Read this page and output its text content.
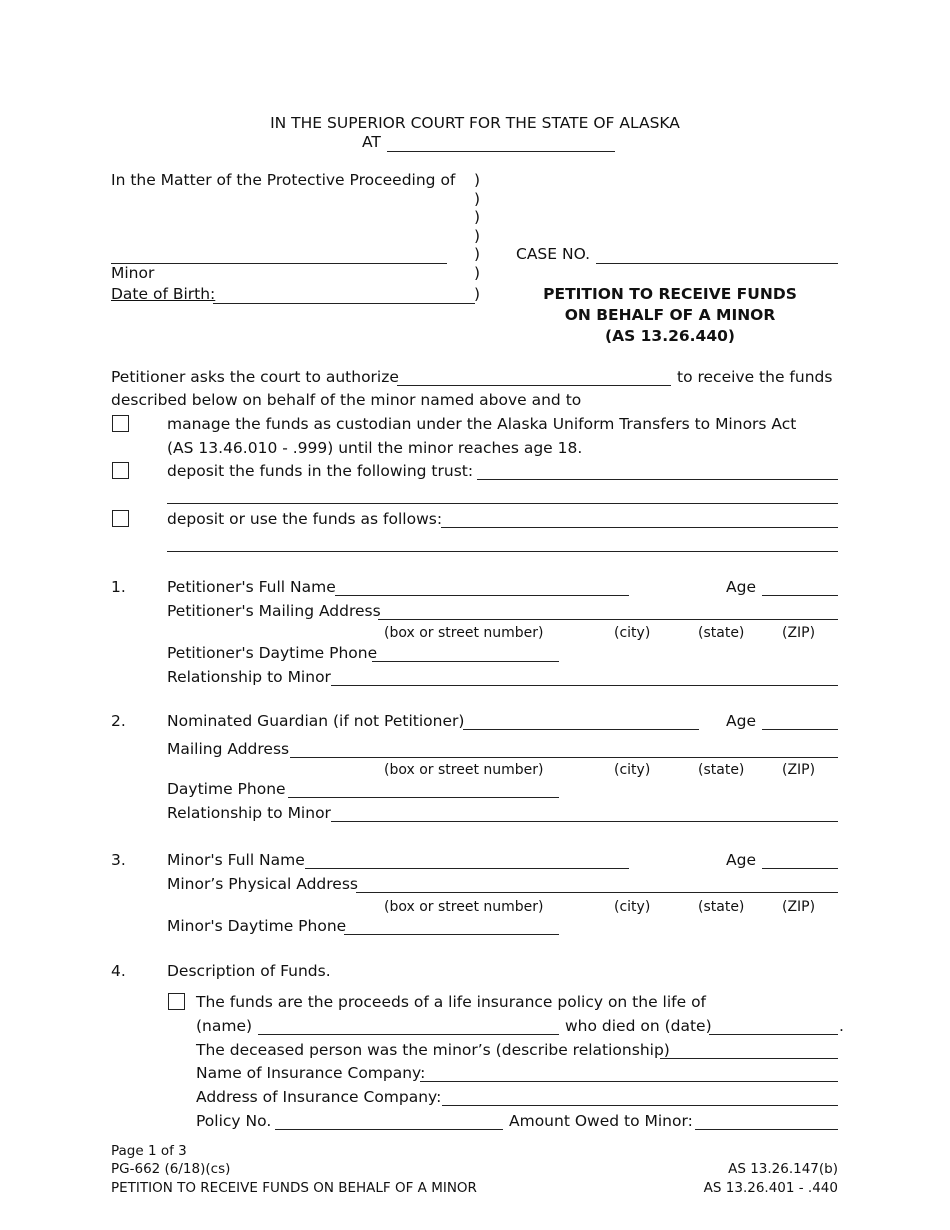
IN THE SUPERIOR COURT FOR THE STATE OF ALASKA
AT
In the Matter of the Protective Proceeding of )
)
)
)
)
)
)
Minor
Date of Birth:
CASE NO.
PETITION TO RECEIVE FUNDS
ON BEHALF OF A MINOR
(AS 13.26.440)
Petitioner asks the court to authorize	to receive the funds
described below on behalf of the minor named above and to
manage the funds as custodian under the Alaska Uniform Transfers to Minors Act
(AS 13.46.010 - .999) until the minor reaches age 18.
deposit the funds in the following trust:
deposit or use the funds as follows:
1.	Petitioner's Full Name	Age
Petitioner's Mailing Address
(box or street number)	(city)	(state)	(ZIP)
Petitioner's Daytime Phone
Relationship to Minor
2.	Nominated Guardian (if not Petitioner)	Age
Mailing Address
(box or street number)	(city)	(state)	(ZIP)
Daytime Phone
Relationship to Minor
3.	Minor's Full Name	Age
Minor’s Physical Address
(box or street number)	(city)	(state)	(ZIP)
Minor's Daytime Phone
4.	Description of Funds.
The funds are the proceeds of a life insurance policy on the life of
(name)	who died on (date)	.
The deceased person was the minor’s (describe relationship)
Name of Insurance Company:
Address of Insurance Company:
Policy No.	Amount Owed to Minor:
Page 1 of 3
PG-662 (6/18)(cs)
PETITION TO RECEIVE FUNDS ON BEHALF OF A MINOR
AS 13.26.147(b)
AS 13.26.401 - .440
